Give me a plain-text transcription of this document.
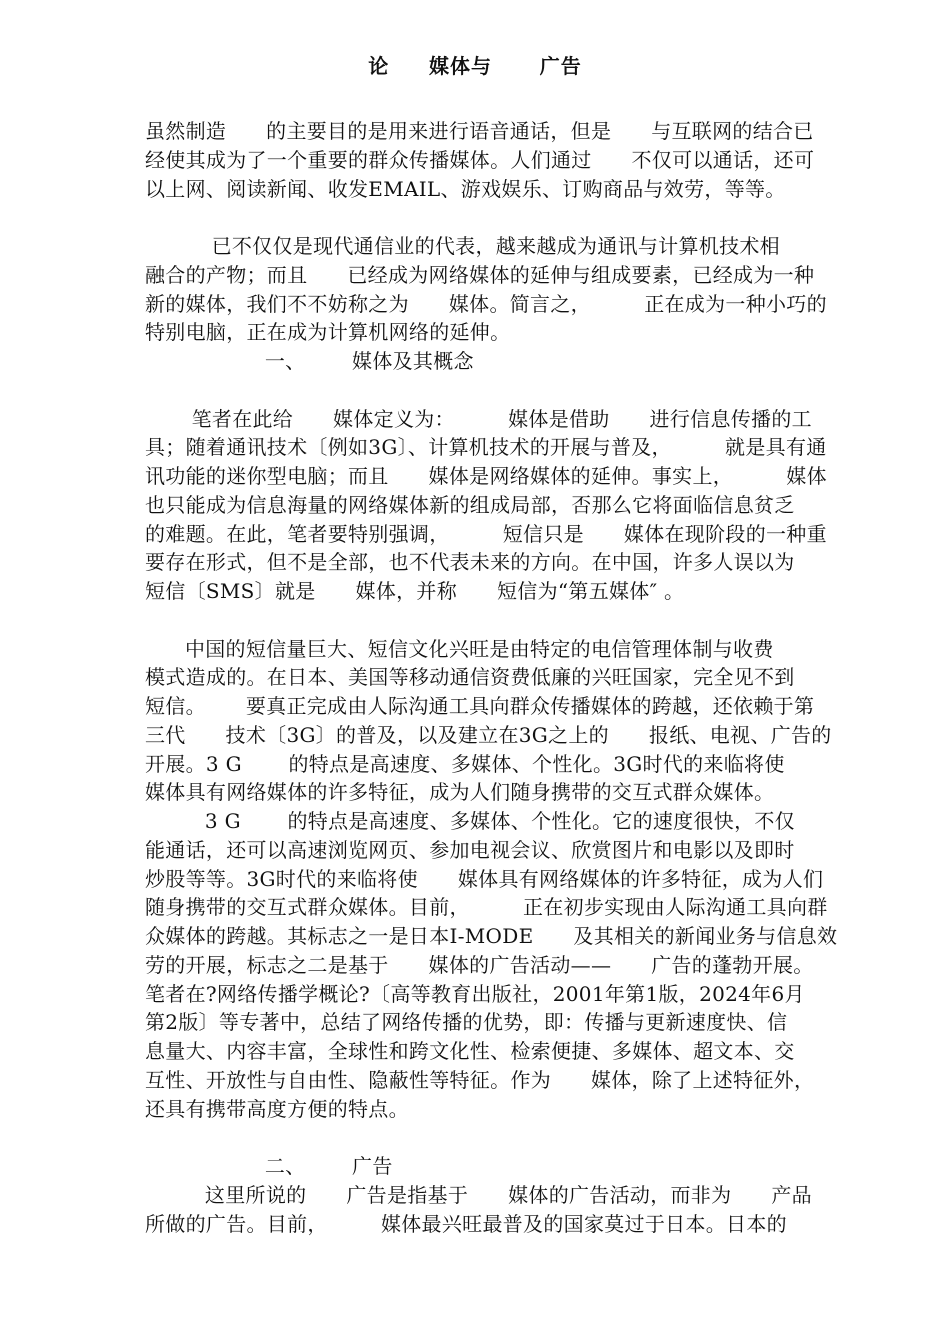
论     媒体与      广告
虽然制造      的主要目的是用来进行语音通话，但是      与互联网的结合已
经使其成为了一个重要的群众传播媒体。人们通过      不仅可以通话，还可
以上网、阅读新闻、收发EMAIL、游戏娱乐、订购商品与效劳，等等。
已不仅仅是现代通信业的代表，越来越成为通讯与计算机技术相
融合的产物；而且      已经成为网络媒体的延伸与组成要素，已经成为一种
新的媒体，我们不不妨称之为      媒体。简言之，        正在成为一种小巧的
特别电脑，正在成为计算机网络的延伸。
一、       媒体及其概念
笔者在此给      媒体定义为：        媒体是借助      进行信息传播的工
具；随着通讯技术〔例如3G〕、计算机技术的开展与普及，        就是具有通
讯功能的迷你型电脑；而且      媒体是网络媒体的延伸。事实上，        媒体
也只能成为信息海量的网络媒体新的组成局部，否那么它将面临信息贫乏
的难题。在此，笔者要特别强调，        短信只是      媒体在现阶段的一种重
要存在形式，但不是全部，也不代表未来的方向。在中国，许多人误以为
短信〔SMS〕就是      媒体，并称      短信为“第五媒体″ 。
中国的短信量巨大、短信文化兴旺是由特定的电信管理体制与收费
模式造成的。在日本、美国等移动通信资费低廉的兴旺国家，完全见不到
短信。      要真正完成由人际沟通工具向群众传播媒体的跨越，还依赖于第
三代      技术〔3G〕的普及，以及建立在3G之上的      报纸、电视、广告的
开展。3 G       的特点是高速度、多媒体、个性化。3G时代的来临将使
媒体具有网络媒体的许多特征，成为人们随身携带的交互式群众媒体。
3 G       的特点是高速度、多媒体、个性化。它的速度很快，不仅
能通话，还可以高速浏览网页、参加电视会议、欣赏图片和电影以及即时
炒股等等。3G时代的来临将使      媒体具有网络媒体的许多特征，成为人们
随身携带的交互式群众媒体。目前，        正在初步实现由人际沟通工具向群
众媒体的跨越。其标志之一是日本I-MODE      及其相关的新闻业务与信息效
劳的开展，标志之二是基于      媒体的广告活动——      广告的蓬勃开展。
笔者在?网络传播学概论?〔高等教育出版社，2001年第1版，2024年6月
第2版〕等专著中，总结了网络传播的优势，即：传播与更新速度快、信
息量大、内容丰富，全球性和跨文化性、检索便捷、多媒体、超文本、交
互性、开放性与自由性、隐蔽性等特征。作为      媒体，除了上述特征外，
还具有携带高度方便的特点。
二、       广告
这里所说的      广告是指基于      媒体的广告活动，而非为      产品
所做的广告。目前，        媒体最兴旺最普及的国家莫过于日本。日本的
